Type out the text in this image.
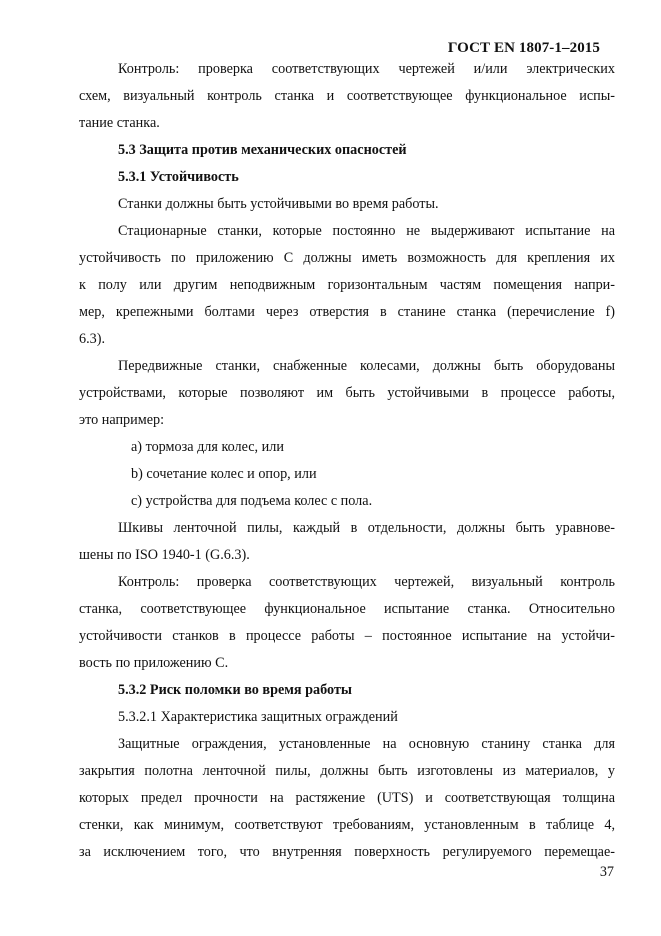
ГОСТ EN 1807-1–2015
Контроль: проверка соответствующих чертежей и/или электрических
схем, визуальный контроль станка и соответствующее функциональное испы-
тание станка.
5.3 Защита против механических опасностей
5.3.1 Устойчивость
Станки должны быть устойчивыми во время работы.
Стационарные станки, которые постоянно не выдерживают испытание на
устойчивость по приложению С должны иметь возможность для крепления их
к полу или другим неподвижным горизонтальным частям помещения напри-
мер, крепежными болтами через отверстия в станине станка (перечисление f)
6.3).
Передвижные станки, снабженные колесами, должны быть оборудованы
устройствами, которые позволяют им быть устойчивыми в процессе работы,
это например:
a) тормоза для колес, или
b) сочетание колес и опор, или
c) устройства для подъема колес с пола.
Шкивы ленточной пилы, каждый в отдельности, должны быть уравнове-
шены по ISO 1940-1 (G.6.3).
Контроль: проверка соответствующих чертежей, визуальный контроль
станка, соответствующее функциональное испытание станка. Относительно
устойчивости станков в процессе работы – постоянное испытание на устойчи-
вость по приложению С.
5.3.2 Риск поломки во время работы
5.3.2.1 Характеристика защитных ограждений
Защитные ограждения, установленные на основную станину станка для
закрытия полотна ленточной пилы, должны быть изготовлены из материалов, у
которых предел прочности на растяжение (UTS) и соответствующая толщина
стенки, как минимум, соответствуют требованиям, установленным в таблице 4,
за исключением того, что внутренняя поверхность регулируемого перемещае-
37
